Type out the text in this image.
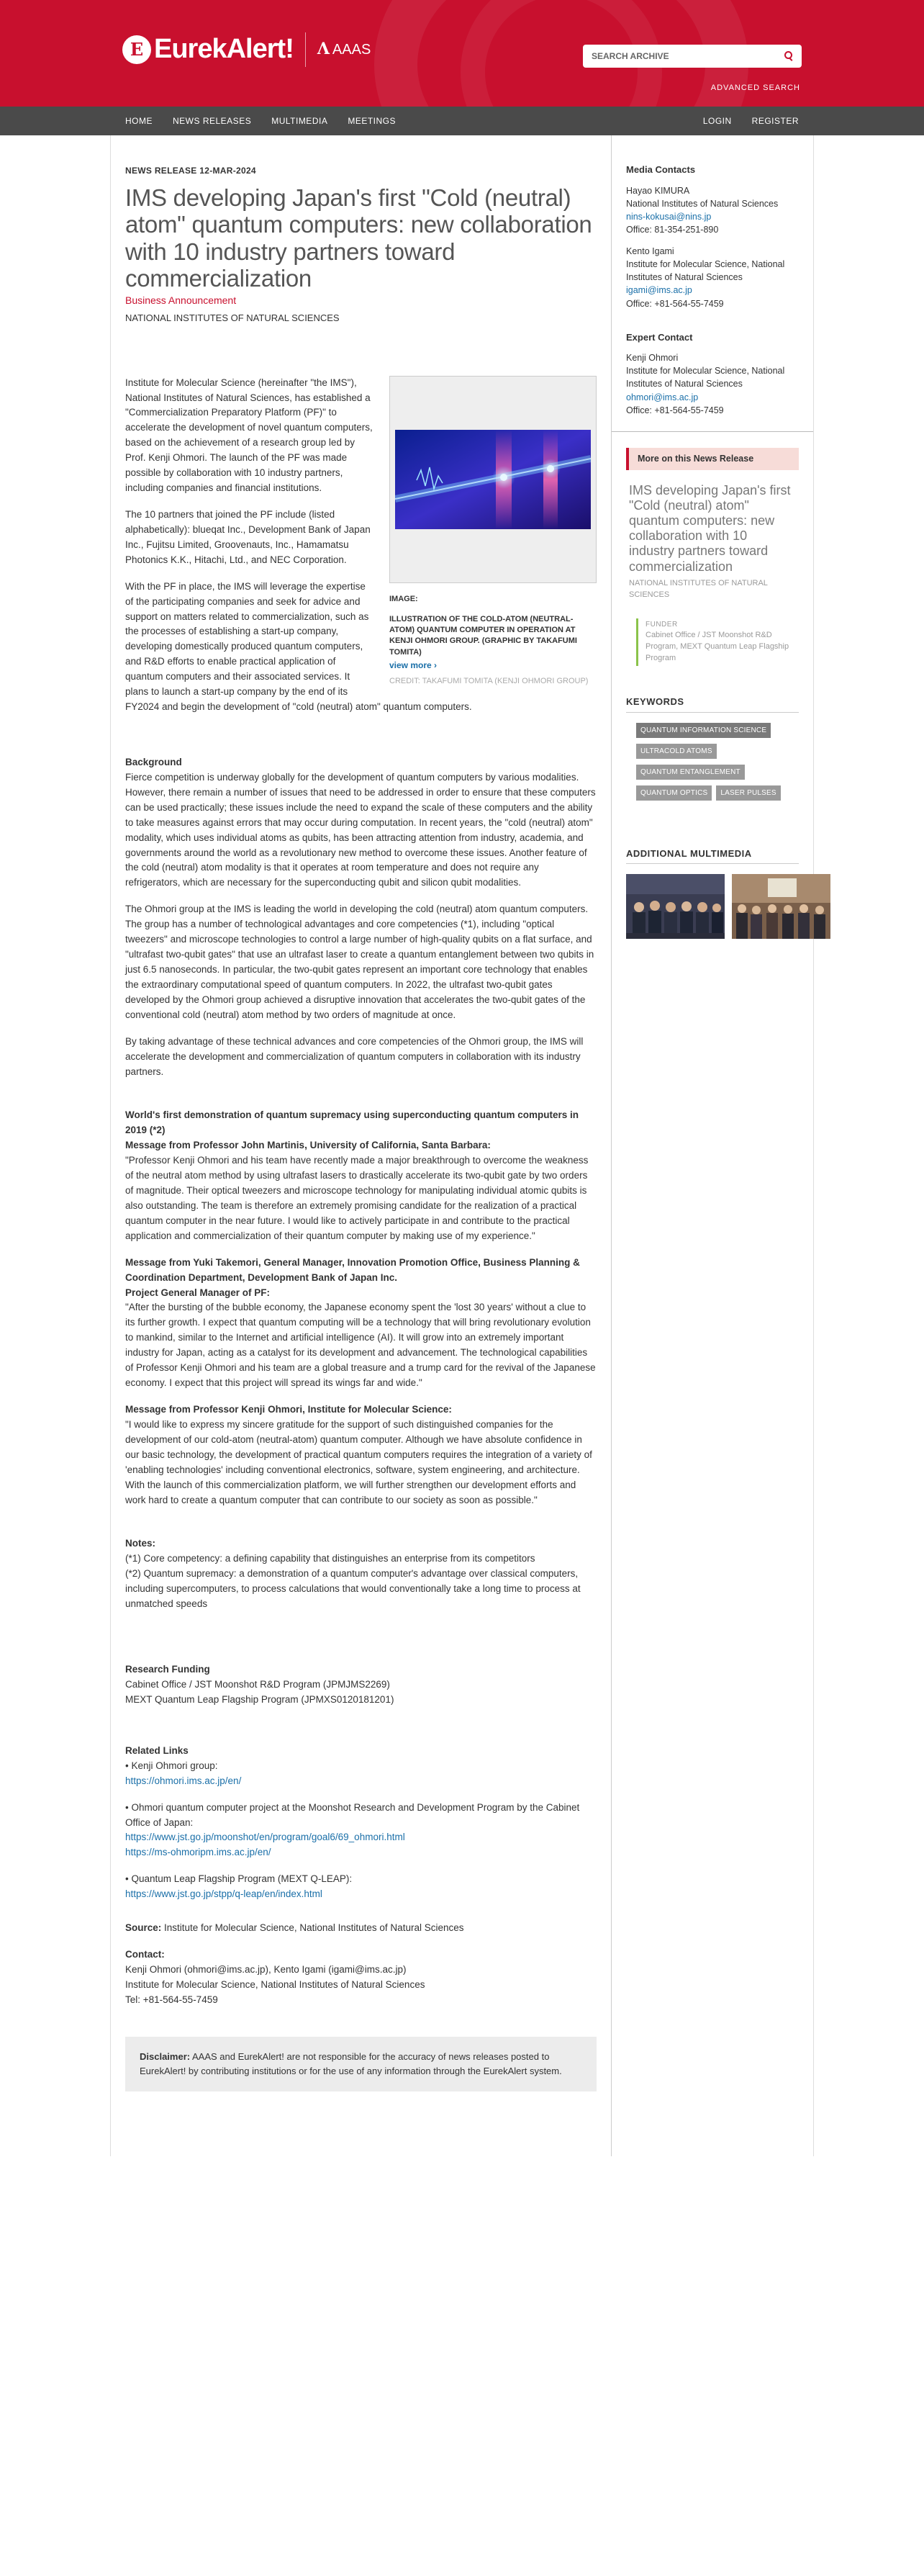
E EurekAlert! Ʌ AAAS
SEARCH ARCHIVE
ADVANCED SEARCH
HOME	NEWS RELEASES	MULTIMEDIA	MEETINGS	LOGIN	REGISTER
NEWS RELEASE 12-MAR-2024
IMS developing Japan's first "Cold (neutral) atom" quantum computers: new collaboration with 10 industry partners toward commercialization
Business Announcement
NATIONAL INSTITUTES OF NATURAL SCIENCES
IMAGE:
ILLUSTRATION OF THE COLD-ATOM (NEUTRAL-ATOM) QUANTUM COMPUTER IN OPERATION AT KENJI OHMORI GROUP. (GRAPHIC BY TAKAFUMI TOMITA)
view more ›
CREDIT: TAKAFUMI TOMITA (KENJI OHMORI GROUP)

Institute for Molecular Science (hereinafter "the IMS"), National Institutes of Natural Sciences, has established a "Commercialization Preparatory Platform (PF)" to accelerate the development of novel quantum computers, based on the achievement of a research group led by Prof. Kenji Ohmori. The launch of the PF was made possible by collaboration with 10 industry partners, including companies and financial institutions.

The 10 partners that joined the PF include (listed alphabetically): blueqat Inc., Development Bank of Japan Inc., Fujitsu Limited, Groovenauts, Inc., Hamamatsu Photonics K.K., Hitachi, Ltd., and NEC Corporation.

With the PF in place, the IMS will leverage the expertise of the participating companies and seek for advice and support on matters related to commercialization, such as the processes of establishing a start-up company, developing domestically produced quantum computers, and R&D efforts to enable practical application of quantum computers and their associated services. It plans to launch a start-up company by the end of its FY2024 and begin the development of "cold (neutral) atom" quantum computers.

Background

Fierce competition is underway globally for the development of quantum computers by various modalities. However, there remain a number of issues that need to be addressed in order to ensure that these computers can be used practically; these issues include the need to expand the scale of these computers and the ability to take measures against errors that may occur during computation. In recent years, the "cold (neutral) atom" modality, which uses individual atoms as qubits, has been attracting attention from industry, academia, and governments around the world as a revolutionary new method to overcome these issues. Another feature of the cold (neutral) atom modality is that it operates at room temperature and does not require any refrigerators, which are necessary for the superconducting qubit and silicon qubit modalities.

The Ohmori group at the IMS is leading the world in developing the cold (neutral) atom quantum computers. The group has a number of technological advantages and core competencies (*1), including "optical tweezers" and microscope technologies to control a large number of high-quality qubits on a flat surface, and "ultrafast two-qubit gates" that use an ultrafast laser to create a quantum entanglement between two qubits in just 6.5 nanoseconds. In particular, the two-qubit gates represent an important core technology that enables the extraordinary computational speed of quantum computers. In 2022, the ultrafast two-qubit gates developed by the Ohmori group achieved a disruptive innovation that accelerates the two-qubit gates of the conventional cold (neutral) atom method by two orders of magnitude at once.

By taking advantage of these technical advances and core competencies of the Ohmori group, the IMS will accelerate the development and commercialization of quantum computers in collaboration with its industry partners.

World's first demonstration of quantum supremacy using superconducting quantum computers in 2019 (*2)
Message from Professor John Martinis, University of California, Santa Barbara:

"Professor Kenji Ohmori and his team have recently made a major breakthrough to overcome the weakness of the neutral atom method by using ultrafast lasers to drastically accelerate its two-qubit gate by two orders of magnitude. Their optical tweezers and microscope technology for manipulating individual atomic qubits is also outstanding. The team is therefore an extremely promising candidate for the realization of a practical quantum computer in the near future. I would like to actively participate in and contribute to the practical application and commercialization of their quantum computer by making use of my experience."

Message from Yuki Takemori, General Manager, Innovation Promotion Office, Business Planning & Coordination Department, Development Bank of Japan Inc.
Project General Manager of PF:

"After the bursting of the bubble economy, the Japanese economy spent the 'lost 30 years' without a clue to its further growth. I expect that quantum computing will be a technology that will bring revolutionary evolution to mankind, similar to the Internet and artificial intelligence (AI). It will grow into an extremely important industry for Japan, acting as a catalyst for its development and advancement. The technological capabilities of Professor Kenji Ohmori and his team are a global treasure and a trump card for the revival of the Japanese economy. I expect that this project will spread its wings far and wide."

Message from Professor Kenji Ohmori, Institute for Molecular Science:

"I would like to express my sincere gratitude for the support of such distinguished companies for the development of our cold-atom (neutral-atom) quantum computer. Although we have absolute confidence in our basic technology, the development of practical quantum computers requires the integration of a variety of 'enabling technologies' including conventional electronics, software, system engineering, and architecture. With the launch of this commercialization platform, we will further strengthen our development efforts and work hard to create a quantum computer that can contribute to our society as soon as possible."

Notes:
(*1) Core competency: a defining capability that distinguishes an enterprise from its competitors

(*2) Quantum supremacy: a demonstration of a quantum computer's advantage over classical computers, including supercomputers, to process calculations that would conventionally take a long time to process at unmatched speeds

Research Funding
Cabinet Office / JST Moonshot R&D Program (JPMJMS2269)

MEXT Quantum Leap Flagship Program (JPMXS0120181201)

Related Links
• Kenji Ohmori group:

https://ohmori.ims.ac.jp/en/

• Ohmori quantum computer project at the Moonshot Research and Development Program by the Cabinet Office of Japan:
https://www.jst.go.jp/moonshot/en/program/goal6/69_ohmori.html

https://ms-ohmoripm.ims.ac.jp/en/

• Quantum Leap Flagship Program (MEXT Q-LEAP):

https://www.jst.go.jp/stpp/q-leap/en/index.html

Source: Institute for Molecular Science, National Institutes of Natural Sciences

Contact:
Kenji Ohmori (ohmori@ims.ac.jp), Kento Igami (igami@ims.ac.jp)
Institute for Molecular Science, National Institutes of Natural Sciences
Tel: +81-564-55-7459
Disclaimer: AAAS and EurekAlert! are not responsible for the accuracy of news releases posted to EurekAlert! by contributing institutions or for the use of any information through the EurekAlert system.
Media Contacts
Hayao KIMURA
National Institutes of Natural Sciences
nins-kokusai@nins.jp
Office: 81-354-251-890
Kento Igami
Institute for Molecular Science, National Institutes of Natural Sciences
igami@ims.ac.jp
Office: +81-564-55-7459
Expert Contact
Kenji Ohmori
Institute for Molecular Science, National Institutes of Natural Sciences
ohmori@ims.ac.jp
Office: +81-564-55-7459
More on this News Release
IMS developing Japan's first "Cold (neutral) atom" quantum computers: new collaboration with 10 industry partners toward commercialization
NATIONAL INSTITUTES OF NATURAL SCIENCES
FUNDER
Cabinet Office / JST Moonshot R&D Program, MEXT Quantum Leap Flagship Program
KEYWORDS
QUANTUM INFORMATION SCIENCE
ULTRACOLD ATOMS
QUANTUM ENTANGLEMENT
QUANTUM OPTICS	LASER PULSES
ADDITIONAL MULTIMEDIA
